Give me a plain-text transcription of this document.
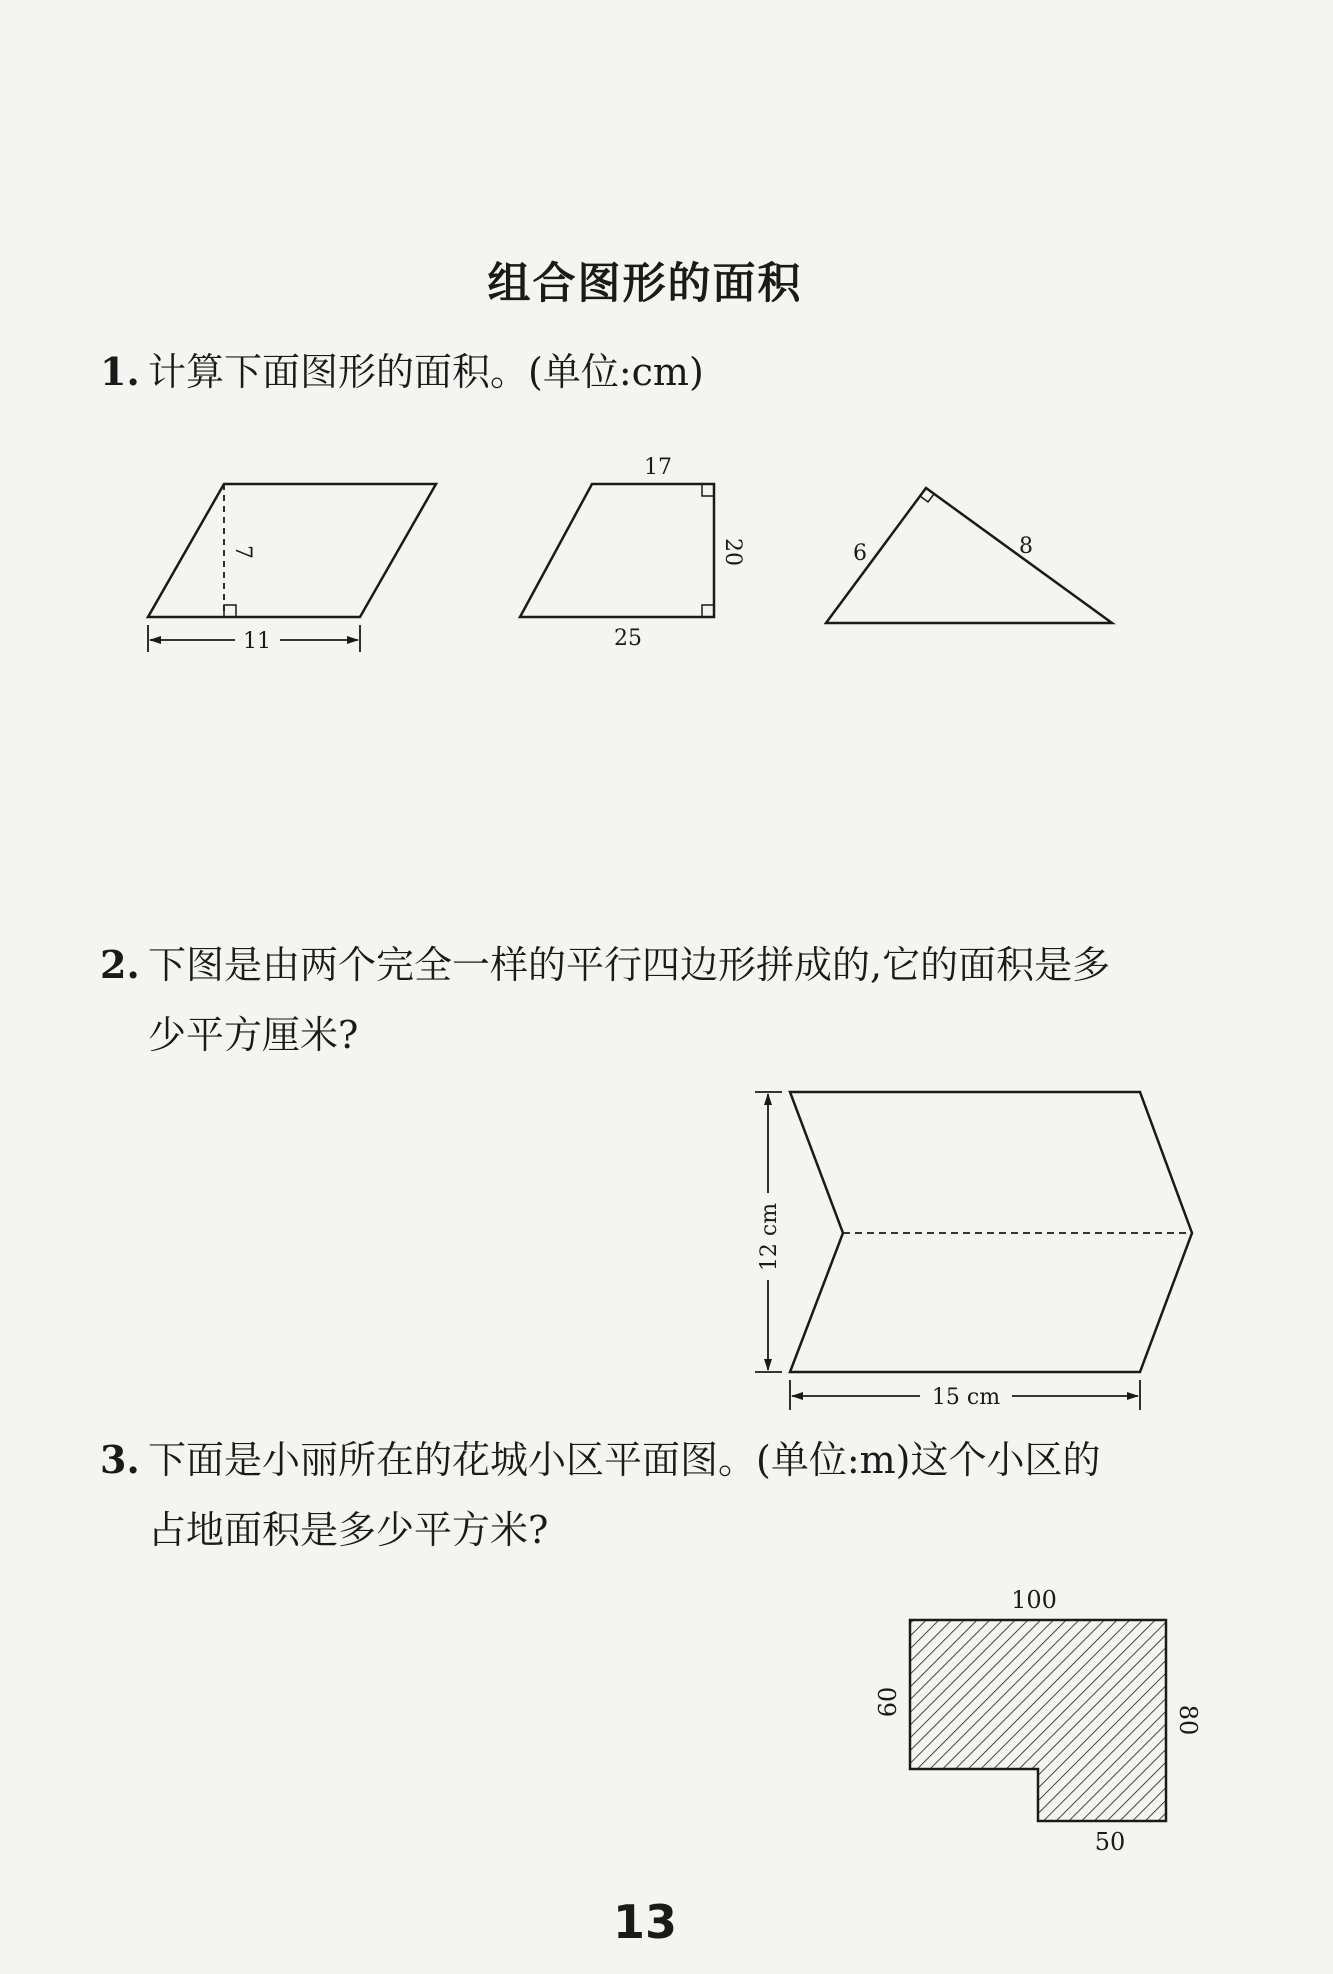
组合图形的面积
1. 计算下面图形的面积。(单位:cm)
2. 下图是由两个完全一样的平行四边形拼成的,它的面积是多
少平方厘米?
3. 下面是小丽所在的花城小区平面图。(单位:m)这个小区的
占地面积是多少平方米?
7
11
17
20
25
6	8
12 cm
15 cm
100
60
80
50
13
